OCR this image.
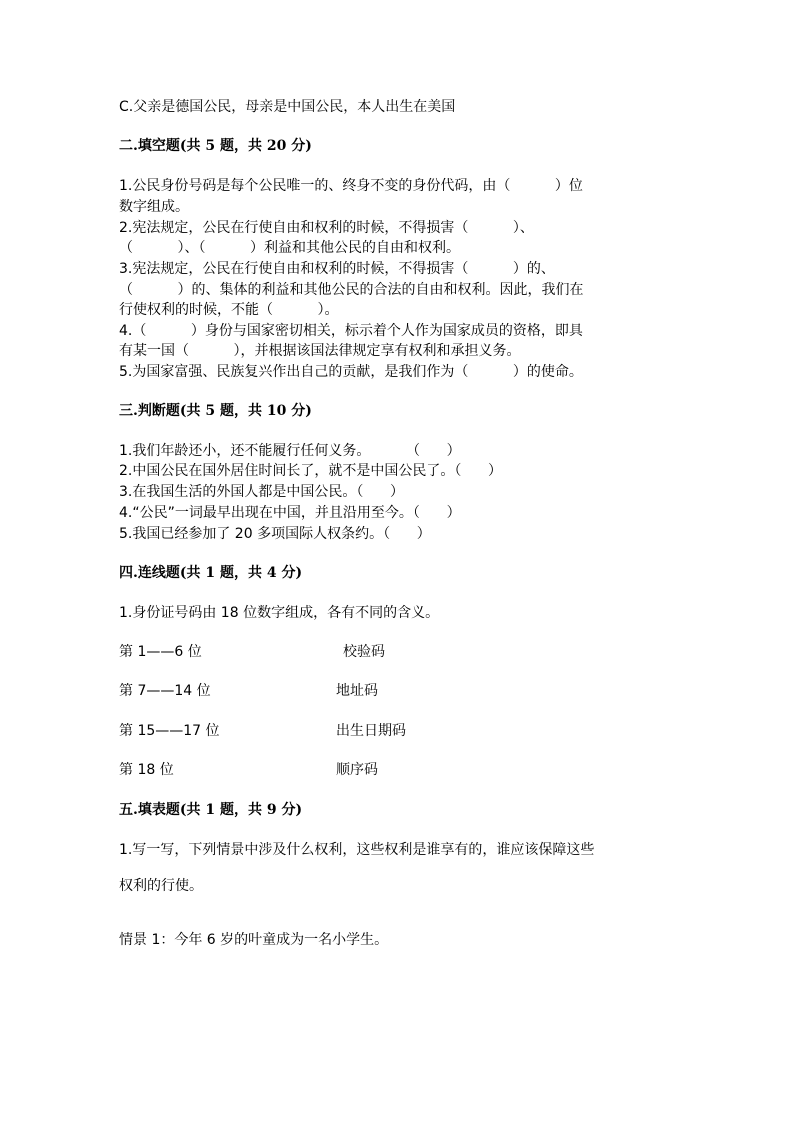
C.父亲是德国公民，母亲是中国公民，本人出生在美国
二.填空题(共 5 题，共 20 分)
1.公民身份号码是每个公民唯一的、终身不变的身份代码，由（          ）位
数字组成。
2.宪法规定，公民在行使自由和权利的时候，不得损害（          ）、
（          ）、（          ）利益和其他公民的自由和权利。
3.宪法规定，公民在行使自由和权利的时候，不得损害（          ）的、
（          ）的、集体的利益和其他公民的合法的自由和权利。因此，我们在
行使权利的时候，不能（          ）。
4.（          ）身份与国家密切相关，标示着个人作为国家成员的资格，即具
有某一国（          ），并根据该国法律规定享有权利和承担义务。
5.为国家富强、民族复兴作出自己的贡献，是我们作为（          ）的使命。
三.判断题(共 5 题，共 10 分)
1.我们年龄还小，还不能履行任何义务。        （      ）
2.中国公民在国外居住时间长了，就不是中国公民了。（      ）
3.在我国生活的外国人都是中国公民。（      ）
4.“公民”一词最早出现在中国，并且沿用至今。（      ）
5.我国已经参加了 20 多项国际人权条约。（      ）
四.连线题(共 1 题，共 4 分)
1.身份证号码由 18 位数字组成，各有不同的含义。
第 1——6 位	校验码
第 7——14 位	地址码
第 15——17 位	出生日期码
第 18 位	顺序码
五.填表题(共 1 题，共 9 分)
1.写一写，下列情景中涉及什么权利，这些权利是谁享有的，谁应该保障这些
权利的行使。
情景 1：今年 6 岁的叶童成为一名小学生。
